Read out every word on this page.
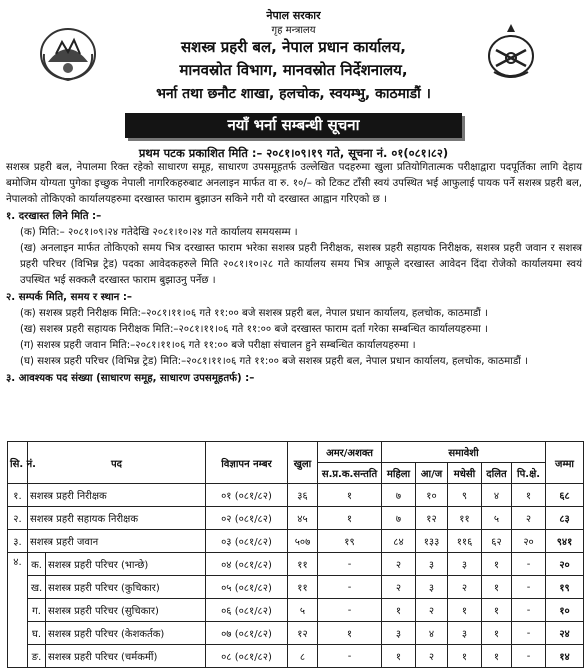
नेपाल सरकार
गृह मन्त्रालय
सशस्त्र प्रहरी बल, नेपाल प्रधान कार्यालय,
मानवस्रोत विभाग, मानवस्रोत निर्देशनालय,
भर्ना तथा छनौट शाखा, हलचोक, स्वयम्भु, काठमाडौं ।
नयाँ भर्ना सम्बन्धी सूचना
प्रथम पटक प्रकाशित मिति :– २०८१।०९।१९ गते, सूचना नं. ०१(०८१।८२)

सशस्त्र प्रहरी बल, नेपालमा रिक्त रहेको साधारण समूह, साधारण उपसमूहतर्फ उल्लेखित पदहरुमा खुला प्रतियोगितात्मक परीक्षाद्वारा पदपूर्तिका लागि देहाय बमोजिम योग्यता पुगेका इच्छुक नेपाली नागरिकहरुबाट अनलाइन मार्फत वा रु. १०/– को टिकट टाँसी स्वयं उपस्थित भई आफुलाई पायक पर्ने सशस्त्र प्रहरी बल, नेपालको तोकिएको कार्यालयहरुमा दरखास्त फाराम बुझाउन सकिने गरी यो दरखास्त आह्वान गरिएको छ ।

१. दरखास्त लिने मिति :–

(क) मिति:– २०८१।०९।२४ गतेदेखि २०८१।१०।२४ गते कार्यालय समयसम्म ।

(ख) अनलाइन मार्फत तोकिएको समय भित्र दरखास्त फाराम भरेका सशस्त्र प्रहरी निरीक्षक, सशस्त्र प्रहरी सहायक निरीक्षक, सशस्त्र प्रहरी जवान र सशस्त्र प्रहरी परिचर (विभिन्न ट्रेड) पदका आवेदकहरुले मिति २०८१।१०।२८ गते कार्यालय समय भित्र आफूले दरखास्त आवेदन दिंदा रोजेको कार्यालयमा स्वयं उपस्थित भई सक्कलै दरखास्त फाराम बुझाउनु पर्नेछ ।

२. सम्पर्क मिति, समय र स्थान :–

(क) सशस्त्र प्रहरी निरीक्षक मिति:–२०८१।११।०६ गते ११:०० बजे सशस्त्र प्रहरी बल, नेपाल प्रधान कार्यालय, हलचोक, काठमाडौं ।

(ख) सशस्त्र प्रहरी सहायक निरीक्षक मिति:–२०८१।११।०६ गते ११:०० बजे दरखास्त फाराम दर्ता गरेका सम्बन्धित कार्यालयहरुमा ।

(ग) सशस्त्र प्रहरी जवान मिति:–२०८१।११।०६ गते ११:०० बजे परीक्षा संचालन हुने सम्बन्धित कार्यालयहरुमा ।

(घ) सशस्त्र प्रहरी परिचर (विभिन्न ट्रेड) मिति:–२०८१।११।०६ गते ११:०० बजे सशस्त्र प्रहरी बल, नेपाल प्रधान कार्यालय, हलचोक, काठमाडौं ।

३. आवश्यक पद संख्या (साधारण समूह, साधारण उपसमूहतर्फ) :–

सि. नं.	पद		विज्ञापन नम्बर	खुला	अमर/अशक्त	समावेशी					जम्मा
					स.प्र.क.सन्तति	महिला	आ/ज	मधेसी	दलित	पि.क्षे.	
१.	सशस्त्र प्रहरी निरीक्षक		०१ (०८१/८२)	३६	१	७	१०	९	४	१	६८
२.	सशस्त्र प्रहरी सहायक निरीक्षक		०२ (०८१/८२)	४५	१	७	१२	११	५	२	८३
३.	सशस्त्र प्रहरी जवान		०३ (०८१/८२)	५०७	१९	८४	१३३	११६	६२	२०	९४१
४.	क.	सशस्त्र प्रहरी परिचर (भान्छे)	०४ (०८१/८२)	११	-	२	३	३	१	-	२०
	ख.	सशस्त्र प्रहरी परिचर (कुचिकार)	०५ (०८१/८२)	११	-	२	३	२	१	-	१९
	ग.	सशस्त्र प्रहरी परिचर (सुचिकार)	०६ (०८१/८२)	५	-	१	२	१	१	-	१०
	घ.	सशस्त्र प्रहरी परिचर (केशकर्तक)	०७ (०८१/८२)	१२	१	३	४	३	१	-	२४
	ङ.	सशस्त्र प्रहरी परिचर (चर्मकर्मी)	०८ (०८१/८२)	८	-	१	२	१	१	-	१४
